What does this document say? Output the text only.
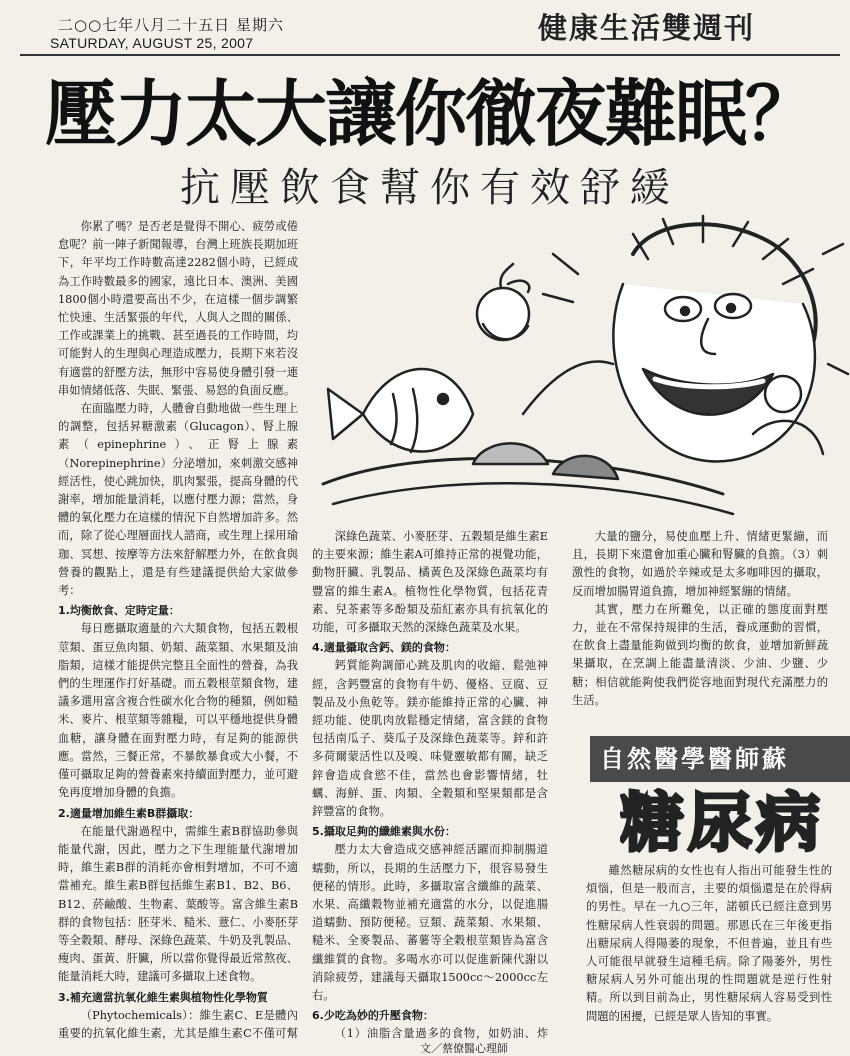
二○○七年八月二十五日 星期六
SATURDAY, AUGUST 25, 2007	健康生活雙週刊
壓力太大讓你徹夜難眠？
抗壓飲食幫你有效舒緩

你累了嗎？是否老是覺得不開心、疲勞或倦怠呢？前一陣子新聞報導，台灣上班族長期加班下，年平均工作時數高達2282個小時，已經成為工作時數最多的國家，遠比日本、澳洲、美國1800個小時還要高出不少，在這樣一個步調繁忙快速、生活緊張的年代，人與人之間的關係、工作或課業上的挑戰、甚至過長的工作時間，均可能對人的生理與心理造成壓力，長期下來若沒有適當的舒壓方法，無形中容易使身體引發一連串如情緒低落、失眠、緊張、易怒的負面反應。

在面臨壓力時，人體會自動地做一些生理上的調整，包括昇糖激素（Glucagon）、腎上腺素（epinephrine）、正腎上腺素（Norepinephrine）分泌增加，來刺激交感神經活性，使心跳加快，肌肉緊張，提高身體的代謝率，增加能量消耗，以應付壓力源；當然，身體的氧化壓力在這樣的情況下自然增加許多。然而，除了從心理層面找人諮商，或生理上採用瑜珈、冥想、按摩等方法來舒解壓力外，在飲食與營養的觀點上，還是有些建議提供給大家做參考：

1.均衡飲食、定時定量：

每日應攝取適量的六大類食物，包括五穀根莖類、蛋豆魚肉類、奶類、蔬菜類、水果類及油脂類，這樣才能提供完整且全面性的營養，為我們的生理運作打好基礎。而五穀根莖類食物，建議多選用富含複合性碳水化合物的種類，例如糙米、麥片、根莖類等雜糧，可以平穩地提供身體血糖，讓身體在面對壓力時，有足夠的能源供應。當然，三餐正常，不暴飲暴食或大小餐，不僅可攝取足夠的營養素來持續面對壓力，並可避免再度增加身體的負擔。

2.適量增加維生素B群攝取：

在能量代謝過程中，需維生素B群協助參與能量代謝，因此，壓力之下生理能量代謝增加時，維生素B群的消耗亦會相對增加，不可不適當補充。維生素B群包括維生素B1、B2、B6、B12、菸鹼酸、生物素、葉酸等。富含維生素B群的食物包括：胚芽米、糙米、薏仁、小麥胚芽等全穀類、酵母、深綠色蔬菜、牛奶及乳製品、瘦肉、蛋黃、肝臟，所以當你覺得最近常熬夜、能量消耗大時，建議可多攝取上述食物。

3.補充適當抗氧化維生素與植物性化學物質

（Phytochemicals）：維生素C、E是體內重要的抗氧化維生素，尤其是維生素C不僅可幫

深綠色蔬菜、小麥胚芽、五穀類是維生素E的主要來源；維生素A可維持正常的視覺功能，動物肝臟、乳製品、橘黃色及深綠色蔬菜均有豐富的維生素A。植物性化學物質，包括花青素、兒茶素等多酚類及茄紅素亦具有抗氧化的功能，可多攝取天然的深綠色蔬菜及水果。

4.適量攝取含鈣、鎂的食物：

鈣質能夠調節心跳及肌肉的收縮、鬆弛神經，含鈣豐富的食物有牛奶、優格、豆腐、豆製品及小魚乾等。鎂亦能維持正常的心臟、神經功能、使肌肉放鬆穩定情緒，富含鎂的食物包括南瓜子、葵瓜子及深綠色蔬菜等。鋅和許多荷爾蒙活性以及嗅、味覺靈敏都有關，缺乏鋅會造成食慾不佳，當然也會影響情緒，牡蠣、海鮮、蛋、肉類、全穀類和堅果類都是含鋅豐富的食物。

5.攝取足夠的纖維素與水份：

壓力太大會造成交感神經活躍而抑制腸道蠕動，所以，長期的生活壓力下，很容易發生便秘的情形。此時，多攝取富含纖維的蔬菜、水果、高纖穀物並補充適當的水分，以促進腸道蠕動、預防便秘。豆類、蔬菜類、水果類、糙米、全麥製品、蕃薯等全穀根莖類皆為富含纖維質的食物。多喝水亦可以促進新陳代謝以消除疲勞，建議每天攝取1500cc～2000cc左右。

6.少吃為妙的升壓食物：

（1）油脂含量過多的食物，如奶油、炸

大量的鹽分，易使血壓上升、情緒更緊繃，而且，長期下來還會加重心臟和腎臟的負擔。（3）刺激性的食物，如過於辛辣或是太多咖啡因的攝取，反而增加腸胃道負擔，增加神經緊繃的情緒。

其實，壓力在所難免，以正確的態度面對壓力，並在不常保持規律的生活，養成運動的習慣，在飲食上盡量能夠做到均衡的飲食，並增加新鮮蔬果攝取，在烹調上能盡量清淡、少油、少鹽、少糖；相信就能夠使我們從容地面對現代充滿壓力的生活。

自然醫學醫師蘇
糖尿病

雖然糖尿病的女性也有人指出可能發生性的煩惱，但是一般而言，主要的煩惱還是在於得病的男性。早在一九○三年，諾頓氏已經注意到男性糖尿病人性衰弱的問題。那恩氏在三年後更指出糖尿病人得陽萎的現象，不但普遍，並且有些人可能很早就發生這種毛病。除了陽萎外，男性糖尿病人另外可能出現的性問題就是逆行性射精。所以到目前為止，男性糖尿病人容易受到性問題的困擾，已經是眾人皆知的事實。

文／蔡僚醫心理師
